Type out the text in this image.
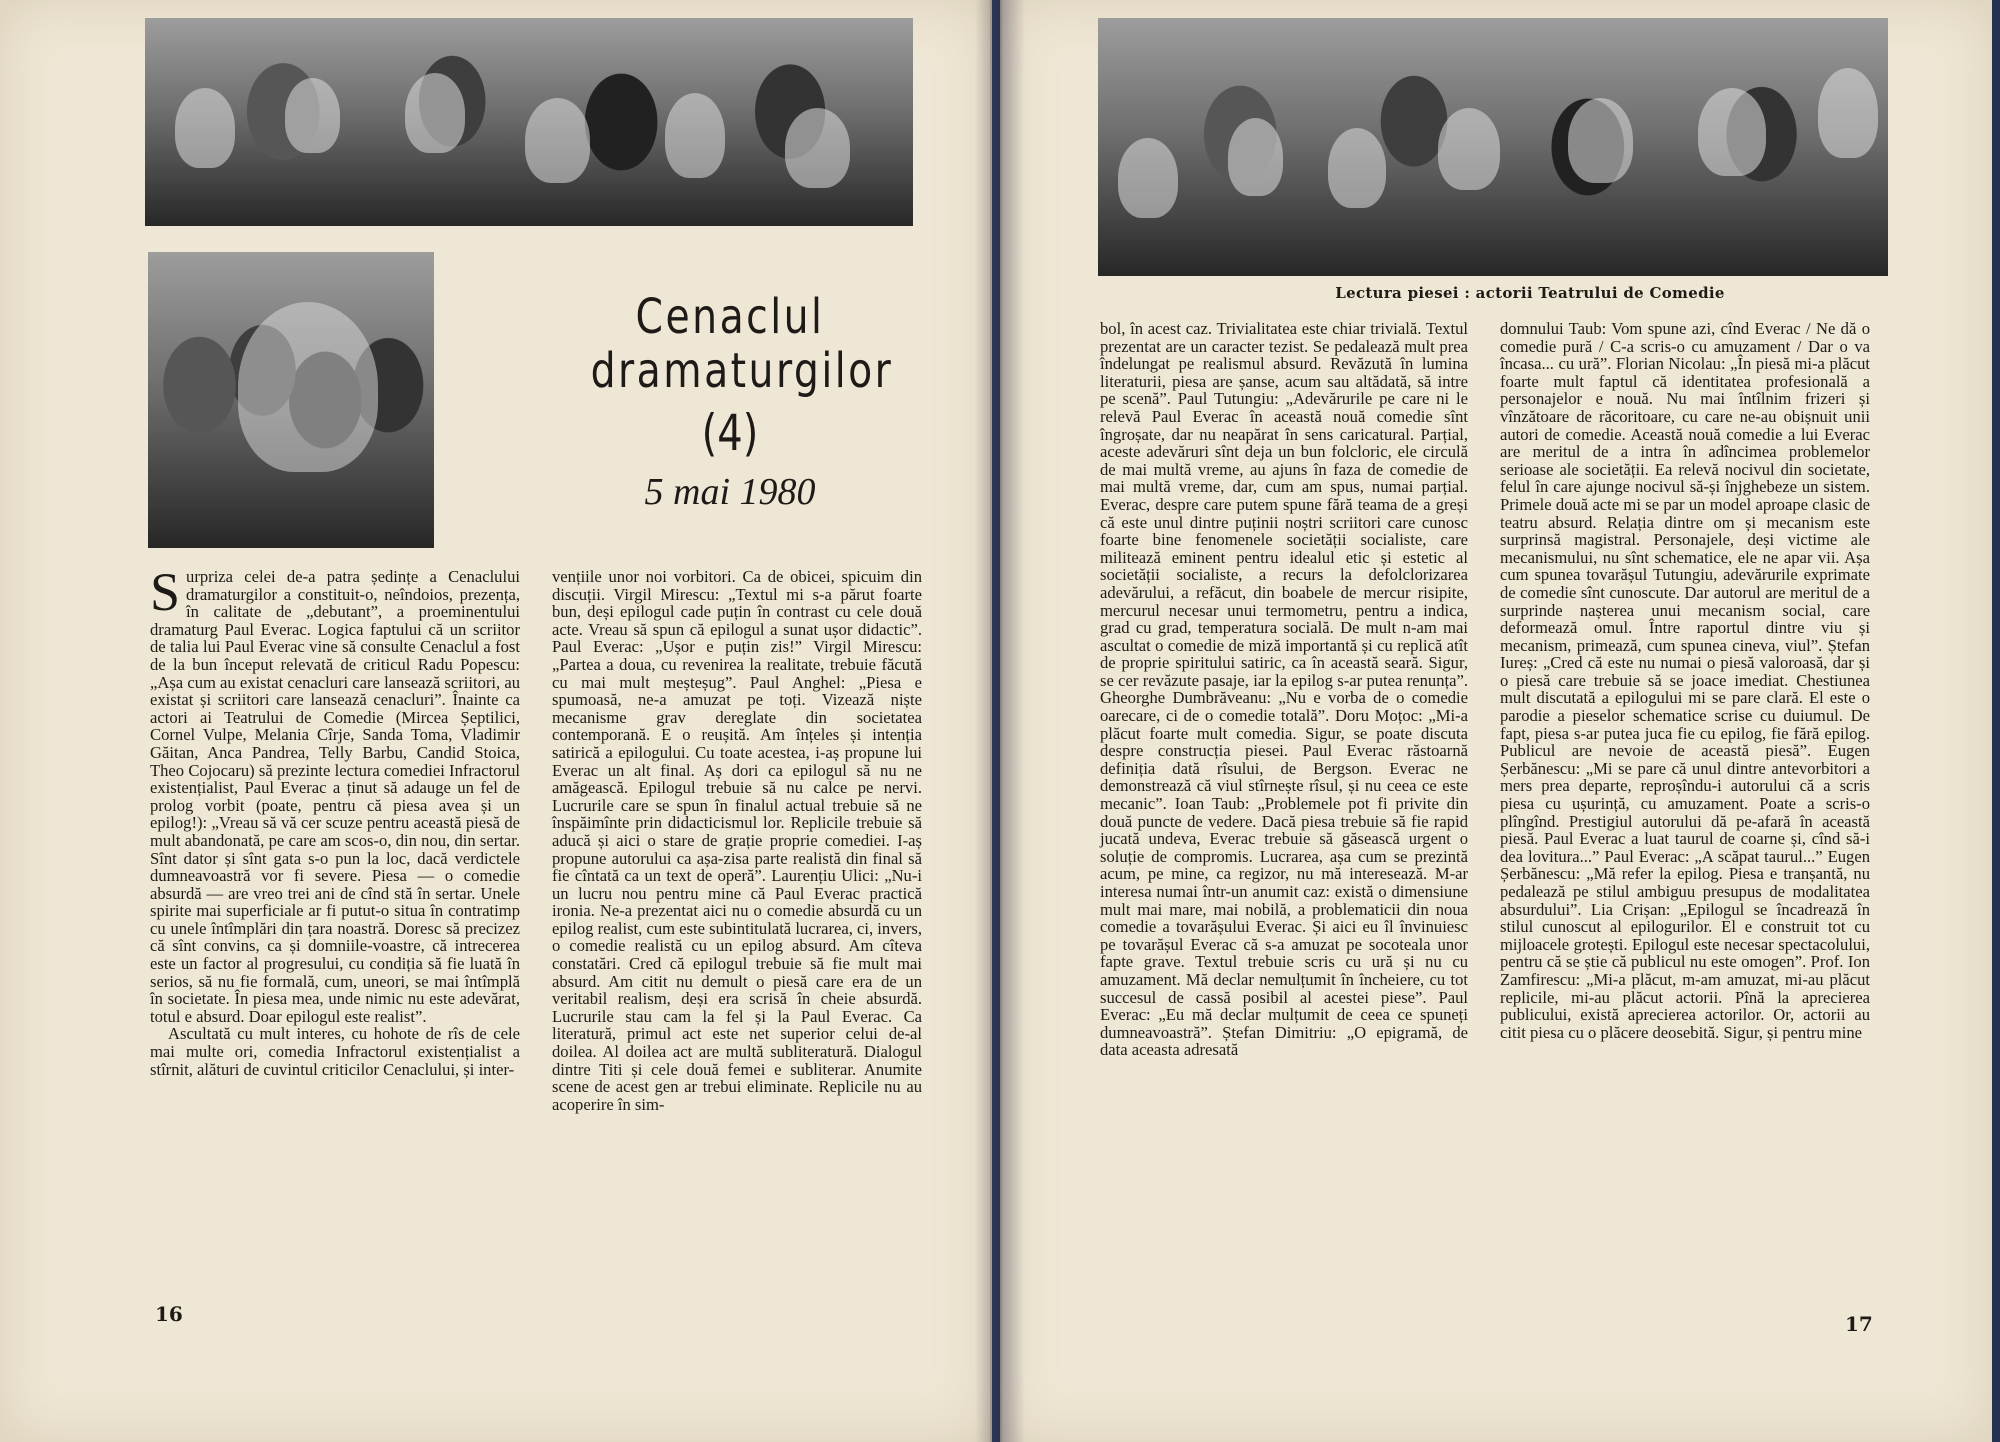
Cenaclul dramaturgilor
(4)
5 mai 1980

Surpriza celei de-a patra ședințe a Cenaclului dramaturgilor a constituit-o, neîndoios, prezența, în calitate de „debutant”, a proeminentului dramaturg Paul Everac. Logica faptului că un scriitor de talia lui Paul Everac vine să consulte Cenaclul a fost de la bun început relevată de criticul Radu Popescu: „Așa cum au existat cenacluri care lansează scriitori, au existat și scriitori care lansează cenacluri”. Înainte ca actori ai Teatrului de Comedie (Mircea Șeptilici, Cornel Vulpe, Melania Cîrje, Sanda Toma, Vladimir Găitan, Anca Pandrea, Telly Barbu, Candid Stoica, Theo Cojocaru) să prezinte lectura comediei Infractorul existențialist, Paul Everac a ținut să adauge un fel de prolog vorbit (poate, pentru că piesa avea și un epilog!): „Vreau să vă cer scuze pentru această piesă de mult abandonată, pe care am scos-o, din nou, din sertar. Sînt dator și sînt gata s-o pun la loc, dacă verdictele dumneavoastră vor fi severe. Piesa — o comedie absurdă — are vreo trei ani de cînd stă în sertar. Unele spirite mai superficiale ar fi putut-o situa în contratimp cu unele întîmplări din țara noastră. Doresc să precizez că sînt convins, ca și domniile-voastre, că intrecerea este un factor al progresului, cu condiția să fie luată în serios, să nu fie formală, cum, uneori, se mai întîmplă în societate. În piesa mea, unde nimic nu este adevărat, totul e absurd. Doar epilogul este realist”.

Ascultată cu mult interes, cu hohote de rîs de cele mai multe ori, comedia Infractorul existențialist a stîrnit, alături de cuvintul criticilor Cenaclului, și inter-

vențiile unor noi vorbitori. Ca de obicei, spicuim din discuții. Virgil Mirescu: „Textul mi s-a părut foarte bun, deși epilogul cade puțin în contrast cu cele două acte. Vreau să spun că epilogul a sunat ușor didactic”. Paul Everac: „Ușor e puțin zis!” Virgil Mirescu: „Partea a doua, cu revenirea la realitate, trebuie făcută cu mai mult meșteșug”. Paul Anghel: „Piesa e spumoasă, ne-a amuzat pe toți. Vizează niște mecanisme grav dereglate din societatea contemporană. E o reușită. Am înțeles și intenția satirică a epilogului. Cu toate acestea, i-aș propune lui Everac un alt final. Aș dori ca epilogul să nu ne amăgească. Epilogul trebuie să nu calce pe nervi. Lucrurile care se spun în finalul actual trebuie să ne înspăimînte prin didacticismul lor. Replicile trebuie să aducă și aici o stare de grație proprie comediei. I-aș propune autorului ca așa-zisa parte realistă din final să fie cîntată ca un text de operă”. Laurențiu Ulici: „Nu-i un lucru nou pentru mine că Paul Everac practică ironia. Ne-a prezentat aici nu o comedie absurdă cu un epilog realist, cum este subintitulată lucrarea, ci, invers, o comedie realistă cu un epilog absurd. Am cîteva constatări. Cred că epilogul trebuie să fie mult mai absurd. Am citit nu demult o piesă care era de un veritabil realism, deși era scrisă în cheie absurdă. Lucrurile stau cam la fel și la Paul Everac. Ca literatură, primul act este net superior celui de-al doilea. Al doilea act are multă subliteratură. Dialogul dintre Titi și cele două femei e subliterar. Anumite scene de acest gen ar trebui eliminate. Replicile nu au acoperire în sim-

16
Lectura piesei : actorii Teatrului de Comedie

bol, în acest caz. Trivialitatea este chiar trivială. Textul prezentat are un caracter tezist. Se pedalează mult prea îndelungat pe realismul absurd. Revăzută în lumina literaturii, piesa are șanse, acum sau altădată, să intre pe scenă”. Paul Tutungiu: „Adevărurile pe care ni le relevă Paul Everac în această nouă comedie sînt îngroșate, dar nu neapărat în sens caricatural. Parțial, aceste adevăruri sînt deja un bun folcloric, ele circulă de mai multă vreme, au ajuns în faza de comedie de mai multă vreme, dar, cum am spus, numai parțial. Everac, despre care putem spune fără teama de a greși că este unul dintre puținii noștri scriitori care cunosc foarte bine fenomenele societății socialiste, care militează eminent pentru idealul etic și estetic al societății socialiste, a recurs la defolclorizarea adevărului, a refăcut, din boabele de mercur risipite, mercurul necesar unui termometru, pentru a indica, grad cu grad, temperatura socială. De mult n-am mai ascultat o comedie de miză importantă și cu replică atît de proprie spiritului satiric, ca în această seară. Sigur, se cer revăzute pasaje, iar la epilog s-ar putea renunța”. Gheorghe Dumbrăveanu: „Nu e vorba de o comedie oarecare, ci de o comedie totală”. Doru Moțoc: „Mi-a plăcut foarte mult comedia. Sigur, se poate discuta despre construcția piesei. Paul Everac răstoarnă definiția dată rîsului, de Bergson. Everac ne demonstrează că viul stîrnește rîsul, și nu ceea ce este mecanic”. Ioan Taub: „Problemele pot fi privite din două puncte de vedere. Dacă piesa trebuie să fie rapid jucată undeva, Everac trebuie să găsească urgent o soluție de compromis. Lucrarea, așa cum se prezintă acum, pe mine, ca regizor, nu mă interesează. M-ar interesa numai într-un anumit caz: există o dimensiune mult mai mare, mai nobilă, a problematicii din noua comedie a tovarășului Everac. Și aici eu îl învinuiesc pe tovarășul Everac că s-a amuzat pe socoteala unor fapte grave. Textul trebuie scris cu ură și nu cu amuzament. Mă declar nemulțumit în încheiere, cu tot succesul de cassă posibil al acestei piese”. Paul Everac: „Eu mă declar mulțumit de ceea ce spuneți dumneavoastră”. Ștefan Dimitriu: „O epigramă, de data aceasta adresată

domnului Taub: Vom spune azi, cînd Everac / Ne dă o comedie pură / C-a scris-o cu amuzament / Dar o va încasa... cu ură”. Florian Nicolau: „În piesă mi-a plăcut foarte mult faptul că identitatea profesională a personajelor e nouă. Nu mai întîlnim frizeri și vînzătoare de răcoritoare, cu care ne-au obișnuit unii autori de comedie. Această nouă comedie a lui Everac are meritul de a intra în adîncimea problemelor serioase ale societății. Ea relevă nocivul din societate, felul în care ajunge nocivul să-și înjghebeze un sistem. Primele două acte mi se par un model aproape clasic de teatru absurd. Relația dintre om și mecanism este surprinsă magistral. Personajele, deși victime ale mecanismului, nu sînt schematice, ele ne apar vii. Așa cum spunea tovarășul Tutungiu, adevărurile exprimate de comedie sînt cunoscute. Dar autorul are meritul de a surprinde nașterea unui mecanism social, care deformează omul. Între raportul dintre viu și mecanism, primează, cum spunea cineva, viul”. Ștefan Iureș: „Cred că este nu numai o piesă valoroasă, dar și o piesă care trebuie să se joace imediat. Chestiunea mult discutată a epilogului mi se pare clară. El este o parodie a pieselor schematice scrise cu duiumul. De fapt, piesa s-ar putea juca fie cu epilog, fie fără epilog. Publicul are nevoie de această piesă”. Eugen Șerbănescu: „Mi se pare că unul dintre antevorbitori a mers prea departe, reproșîndu-i autorului că a scris piesa cu ușurință, cu amuzament. Poate a scris-o plîngînd. Prestigiul autorului dă pe-afară în această piesă. Paul Everac a luat taurul de coarne și, cînd să-i dea lovitura...” Paul Everac: „A scăpat taurul...” Eugen Șerbănescu: „Mă refer la epilog. Piesa e tranșantă, nu pedalează pe stilul ambiguu presupus de modalitatea absurdului”. Lia Crișan: „Epilogul se încadrează în stilul cunoscut al epilogurilor. El e construit tot cu mijloacele grotești. Epilogul este necesar spectacolului, pentru că se știe că publicul nu este omogen”. Prof. Ion Zamfirescu: „Mi-a plăcut, m-am amuzat, mi-au plăcut replicile, mi-au plăcut actorii. Pînă la aprecierea publicului, există aprecierea actorilor. Or, actorii au citit piesa cu o plăcere deosebită. Sigur, și pentru mine

17
